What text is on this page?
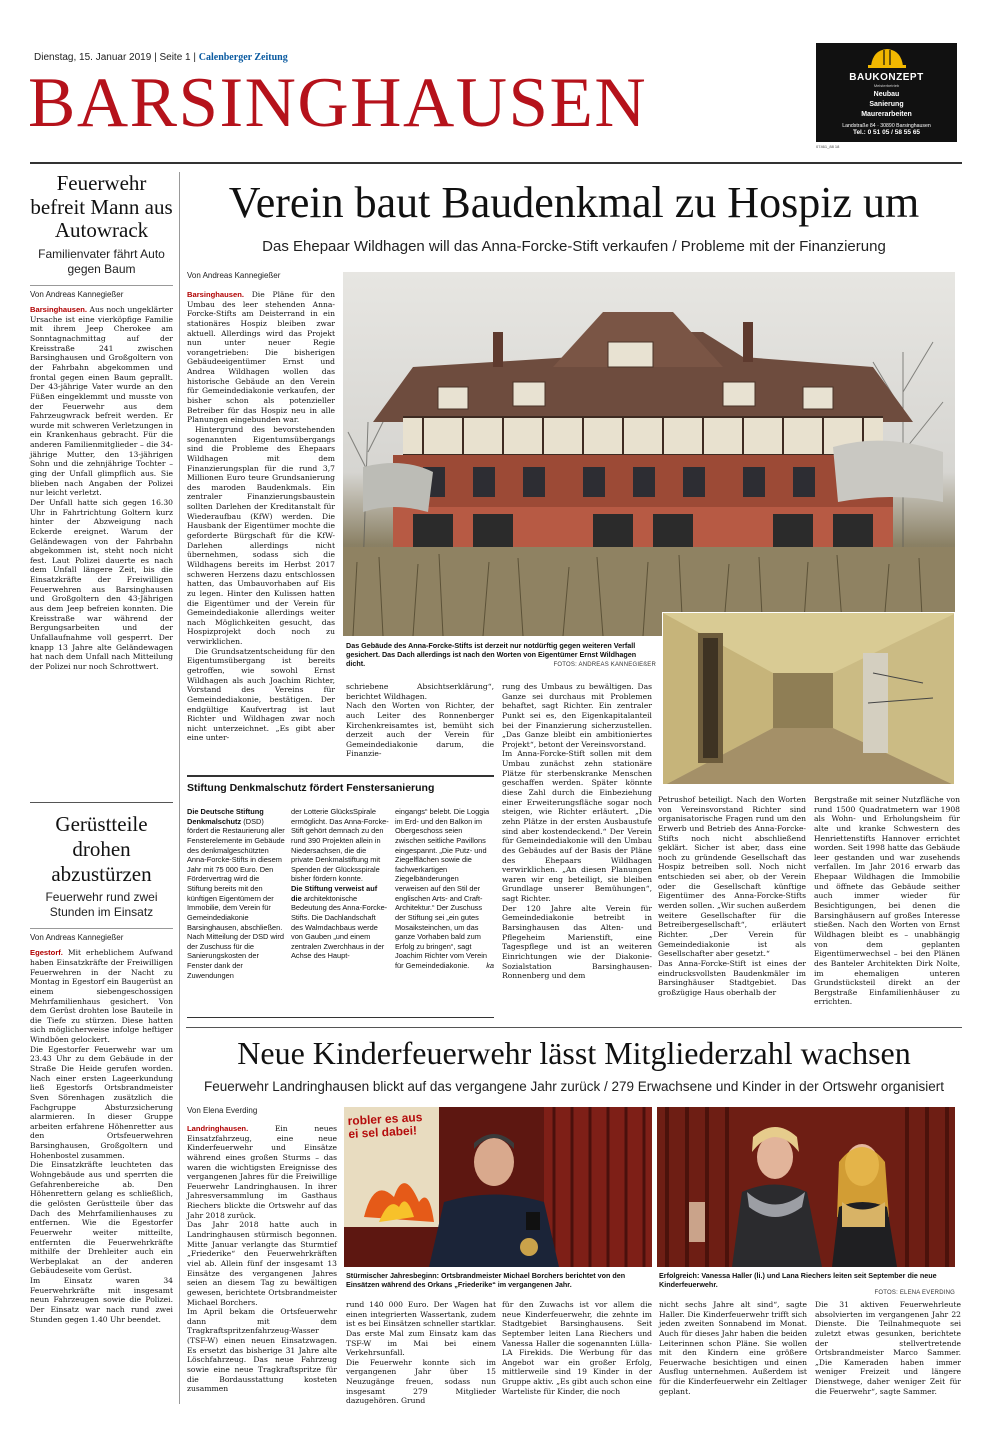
Dienstag, 15. Januar 2019 | Seite 1 | Calenberger Zeitung
BARSINGHAUSEN	BAUKONZEPT
Meisterbetrieb
Neubau
Sanierung
Maurerarbeiten
Landstraße 84 · 30890 Barsinghausen
Tel.: 0 51 05 / 58 55 65
07461_88 18
Feuerwehr befreit Mann aus Autowrack
Familienvater fährt Auto gegen Baum
Von Andreas Kannegießer

Barsinghausen. Aus noch ungeklärter Ursache ist eine vierköpfige Familie mit ihrem Jeep Cherokee am Sonntagnachmittag auf der Kreisstraße 241 zwischen Barsinghausen und Großgoltern von der Fahrbahn abgekommen und frontal gegen einen Baum geprallt. Der 43-jährige Vater wurde an den Füßen eingeklemmt und musste von der Feuerwehr aus dem Fahrzeugwrack befreit werden. Er wurde mit schweren Verletzungen in ein Krankenhaus gebracht. Für die anderen Familienmitglieder – die 34-jährige Mutter, den 13-jährigen Sohn und die zehnjährige Tochter – ging der Unfall glimpflich aus. Sie blieben nach Angaben der Polizei nur leicht verletzt.
Der Unfall hatte sich gegen 16.30 Uhr in Fahrtrichtung Goltern kurz hinter der Abzweigung nach Eckerde ereignet. Warum der Geländewagen von der Fahrbahn abgekommen ist, steht noch nicht fest. Laut Polizei dauerte es nach dem Unfall längere Zeit, bis die Einsatzkräfte der Freiwilligen Feuerwehren aus Barsinghausen und Großgoltern den 43-Jährigen aus dem Jeep befreien konnten. Die Kreisstraße war während der Bergungsarbeiten und der Unfallaufnahme voll gesperrt. Der knapp 13 Jahre alte Geländewagen hat nach dem Unfall nach Mitteilung der Polizei nur noch Schrottwert.

Gerüstteile drohen abzustürzen
Feuerwehr rund zwei Stunden im Einsatz
Von Andreas Kannegießer

Egestorf. Mit erheblichem Aufwand haben Einsatzkräfte der Freiwilligen Feuerwehren in der Nacht zu Montag in Egestorf ein Baugerüst an einem siebengeschossigen Mehrfamilienhaus gesichert. Von dem Gerüst drohten lose Bauteile in die Tiefe zu stürzen. Diese hatten sich möglicherweise infolge heftiger Windböen gelockert.
Die Egestorfer Feuerwehr war um 23.43 Uhr zu dem Gebäude in der Straße Die Heide gerufen worden. Nach einer ersten Lageerkundung ließ Egestorfs Ortsbrandmeister Sven Sörenhagen zusätzlich die Fachgruppe Absturzsicherung alarmieren. In dieser Gruppe arbeiten erfahrene Höhenretter aus den Ortsfeuerwehren Barsinghausen, Großgoltern und Hohenbostel zusammen.
Die Einsatzkräfte leuchteten das Wohngebäude aus und sperrten die Gefahrenbereiche ab. Den Höhenrettern gelang es schließlich, die gelösten Gerüstteile über das Dach des Mehrfamilienhauses zu entfernen. Wie die Egestorfer Feuerwehr weiter mitteilte, entfernten die Feuerwehrkräfte mithilfe der Drehleiter auch ein Werbeplakat an der anderen Gebäudeseite vom Gerüst.
Im Einsatz waren 34 Feuerwehrkräfte mit insgesamt neun Fahrzeugen sowie die Polizei. Der Einsatz war nach rund zwei Stunden gegen 1.40 Uhr beendet.

Verein baut Baudenkmal zu Hospiz um
Das Ehepaar Wildhagen will das Anna-Forcke-Stift verkaufen / Probleme mit der Finanzierung
Von Andreas Kannegießer

Barsinghausen. Die Pläne für den Umbau des leer stehenden Anna-Forcke-Stifts am Deisterrand in ein stationäres Hospiz bleiben zwar aktuell. Allerdings wird das Projekt nun unter neuer Regie vorangetrieben: Die bisherigen Gebäudeeigentümer Ernst und Andrea Wildhagen wollen das historische Gebäude an den Verein für Gemeindediakonie verkaufen, der bisher schon als potenzieller Betreiber für das Hospiz neu in alle Planungen eingebunden war.

Hintergrund des bevorstehenden sogenannten Eigentumsübergangs sind die Probleme des Ehepaars Wildhagen mit dem Finanzierungsplan für die rund 3,7 Millionen Euro teure Grundsanierung des maroden Baudenkmals. Ein zentraler Finanzierungsbaustein sollten Darlehen der Kreditanstalt für Wiederaufbau (KfW) werden. Die Hausbank der Eigentümer mochte die geforderte Bürgschaft für die KfW-Darlehen allerdings nicht übernehmen, sodass sich die Wildhagens bereits im Herbst 2017 schweren Herzens dazu entschlossen hatten, das Umbauvorhaben auf Eis zu legen. Hinter den Kulissen hatten die Eigentümer und der Verein für Gemeindediakonie allerdings weiter nach Möglichkeiten gesucht, das Hospizprojekt doch noch zu verwirklichen.

Die Grundsatzentscheidung für den Eigentumsübergang ist bereits getroffen, wie sowohl Ernst Wildhagen als auch Joachim Richter, Vorstand des Vereins für Gemeindediakonie, bestätigen. Der endgültige Kaufvertrag ist laut Richter und Wildhagen zwar noch nicht unterzeichnet. „Es gibt aber eine unter-

Das Gebäude des Anna-Forcke-Stifts ist derzeit nur notdürftig gegen weiteren Verfall gesichert. Das Dach allerdings ist nach den Worten von Eigentümer Ernst Wildhagen dicht.	FOTOS: ANDREAS KANNEGIEßER
schriebene Absichtserklärung“, berichtet Wildhagen.
Nach den Worten von Richter, der auch Leiter des Ronnenberger Kirchenkreisamtes ist, bemüht sich derzeit auch der Verein für Gemeindediakonie darum, die Finanzie-
rung des Umbaus zu bewältigen. Das Ganze sei durchaus mit Problemen behaftet, sagt Richter. Ein zentraler Punkt sei es, den Eigenkapitalanteil bei der Finanzierung sicherzustellen. „Das Ganze bleibt ein ambitioniertes Projekt“, betont der Vereinsvorstand.
Im Anna-Forcke-Stift sollen mit dem Umbau zunächst zehn stationäre Plätze für sterbenskranke Menschen geschaffen werden. Später könnte diese Zahl durch die Einbeziehung einer Erweiterungsfläche sogar noch steigen, wie Richter erläutert. „Die zehn Plätze in der ersten Ausbaustufe sind aber kostendeckend.“ Der Verein für Gemeindediakonie will den Umbau des Gebäudes auf der Basis der Pläne des Ehepaars Wildhagen verwirklichen. „An diesen Planungen waren wir eng beteiligt, sie bleiben Grundlage unserer Bemühungen“, sagt Richter.
Der 120 Jahre alte Verein für Gemeindediakonie betreibt in Barsinghausen das Alten- und Pflegeheim Marienstift, eine Tagespflege und ist an weiteren Einrichtungen wie der Diakonie-Sozialstation Barsinghausen-Ronnenberg und dem
Petrushof beteiligt. Nach den Worten von Vereinsvorstand Richter sind organisatorische Fragen rund um den Erwerb und Betrieb des Anna-Forcke-Stifts noch nicht abschließend geklärt. Sicher ist aber, dass eine noch zu gründende Gesellschaft das Hospiz betreiben soll. Noch nicht entschieden sei aber, ob der Verein oder die Gesellschaft künftige Eigentümer des Anna-Forcke-Stifts werden sollen. „Wir suchen außerdem weitere Gesellschafter für die Betreibergesellschaft“, erläutert Richter. „Der Verein für Gemeindediakonie ist als Gesellschafter aber gesetzt.“
Das Anna-Forcke-Stift ist eines der eindrucksvollsten Baudenkmäler im Barsinghäuser Stadtgebiet. Das großzügige Haus oberhalb der
Bergstraße mit seiner Nutzfläche von rund 1500 Quadratmetern war 1908 als Wohn- und Erholungsheim für alte und kranke Schwestern des Henriettenstifts Hannover errichtet worden. Seit 1998 hatte das Gebäude leer gestanden und war zusehends verfallen. Im Jahr 2016 erwarb das Ehepaar Wildhagen die Immobilie und öffnete das Gebäude seither auch immer wieder für Besichtigungen, bei denen die Barsinghäusern auf großes Interesse stießen. Nach den Worten von Ernst Wildhagen bleibt es – unabhängig von dem geplanten Eigentümerwechsel – bei den Plänen des Banteler Architekten Dirk Nolte, im ehemaligen unteren Grundstücksteil direkt an der Bergstraße Einfamilienhäuser zu errichten.
Stiftung Denkmalschutz fördert Fenstersanierung
Die Deutsche Stiftung Denkmalschutz (DSD) fördert die Restaurierung aller Fensterelemente im Gebäude des denkmalgeschützten Anna-Forcke-Stifts in diesem Jahr mit 75 000 Euro. Den Fördervertrag wird die Stiftung bereits mit den künftigen Eigentümern der Immobilie, dem Verein für Gemeindediakonie Barsinghausen, abschließen. Nach Mitteilung der DSD wird der Zuschuss für die Sanierungskosten der Fenster dank der Zuwendungen
der Lotterie GlücksSpirale ermöglicht. Das Anna-Forcke-Stift gehört demnach zu den rund 390 Projekten allein in Niedersachsen, die die private Denkmalstiftung mit Spenden der Glücksspirale bisher fördern konnte.
Die Stiftung verweist auf die architektonische Bedeutung des Anna-Forcke-Stifts. Die Dachlandschaft des Walmdachbaus werde von Gauben „und einem zentralen Zwerchhaus in der Achse des Haupt-
eingangs“ belebt. Die Loggia im Erd- und den Balkon im Obergeschoss seien zwischen seitliche Pavillons eingespannt. „Die Putz- und Ziegelflächen sowie die fachwerkartigen Ziegelbänderungen verweisen auf den Stil der englischen Arts- and Craft-Architektur.“ Der Zuschuss der Stiftung sei „ein gutes Mosaiksteinchen, um das ganze Vorhaben bald zum Erfolg zu bringen“, sagt Joachim Richter vom Verein für Gemeindediakonie. ka
Neue Kinderfeuerwehr lässt Mitgliederzahl wachsen
Feuerwehr Landringhausen blickt auf das vergangene Jahr zurück / 279 Erwachsene und Kinder in der Ortswehr organisiert
Von Elena Everding
Landringhausen.	Ein neues Einsatzfahrzeug, eine neue Kinderfeuerwehr und Einsätze während eines großen Sturms – das waren die wichtigsten Ereignisse des vergangenen Jahres für die Freiwillige Feuerwehr Landringhausen. In ihrer Jahresversammlung im Gasthaus Riechers blickte die Ortswehr auf das Jahr 2018 zurück.
Das Jahr 2018 hatte auch in Landringhausen stürmisch begonnen. Mitte Januar verlangte das Sturmtief „Friederike“ den Feuerwehrkräften viel ab. Allein fünf der insgesamt 13 Einsätze des vergangenen Jahres seien an diesem Tag zu bewältigen gewesen, berichtete Ortsbrandmeister Michael Borchers.
Im April bekam die Ortsfeuerwehr dann mit dem Tragkraftspritzenfahrzeug-Wasser (TSF-W) einen neuen Einsatzwagen. Es ersetzt das bisherige 31 Jahre alte Löschfahrzeug. Das neue Fahrzeug sowie eine neue Tragkraftspritze für die Bordausstattung kosteten zusammen
robler es aus
ei sel dabei!
Stürmischer Jahresbeginn: Ortsbrandmeister Michael Borchers berichtet von den Einsätzen während des Orkans „Friederike“ im vergangenen Jahr.
Erfolgreich: Vanessa Haller (li.) und Lana Riechers leiten seit September die neue Kinderfeuerwehr.
FOTOS: ELENA EVERDING
rund 140 000 Euro. Der Wagen hat einen integrierten Wassertank, zudem ist es bei Einsätzen schneller startklar. Das erste Mal zum Einsatz kam das TSF-W im Mai bei einem Verkehrsunfall.
Die Feuerwehr konnte sich im vergangenen Jahr über 15 Neuzugänge freuen, sodass nun insgesamt 279 Mitglieder dazugehören. Grund
für den Zuwachs ist vor allem die neue Kinderfeuerwehr, die zehnte im Stadtgebiet Barsinghausens. Seit September leiten Lana Riechers und Vanessa Haller die sogenannten Lülla-LA Firekids. Die Werbung für das Angebot war ein großer Erfolg, mittlerweile sind 19 Kinder in der Gruppe aktiv. „Es gibt auch schon eine Warteliste für Kinder, die noch
nicht sechs Jahre alt sind“, sagte Haller. Die Kinderfeuerwehr trifft sich jeden zweiten Sonnabend im Monat. Auch für dieses Jahr haben die beiden Leiterinnen schon Pläne. Sie wollen mit den Kindern eine größere Feuerwache besichtigen und einen Ausflug unternehmen. Außerdem ist für die Kinderfeuerwehr ein Zeltlager geplant.
Die 31 aktiven Feuerwehrleute absolvierten im vergangenen Jahr 22 Dienste. Die Teilnahmequote sei zuletzt etwas gesunken, berichtete der stellvertretende Ortsbrandmeister Marco Sammer. „Die Kameraden haben immer weniger Freizeit und längere Dienstwege, daher weniger Zeit für die Feuerwehr“, sagte Sammer.
